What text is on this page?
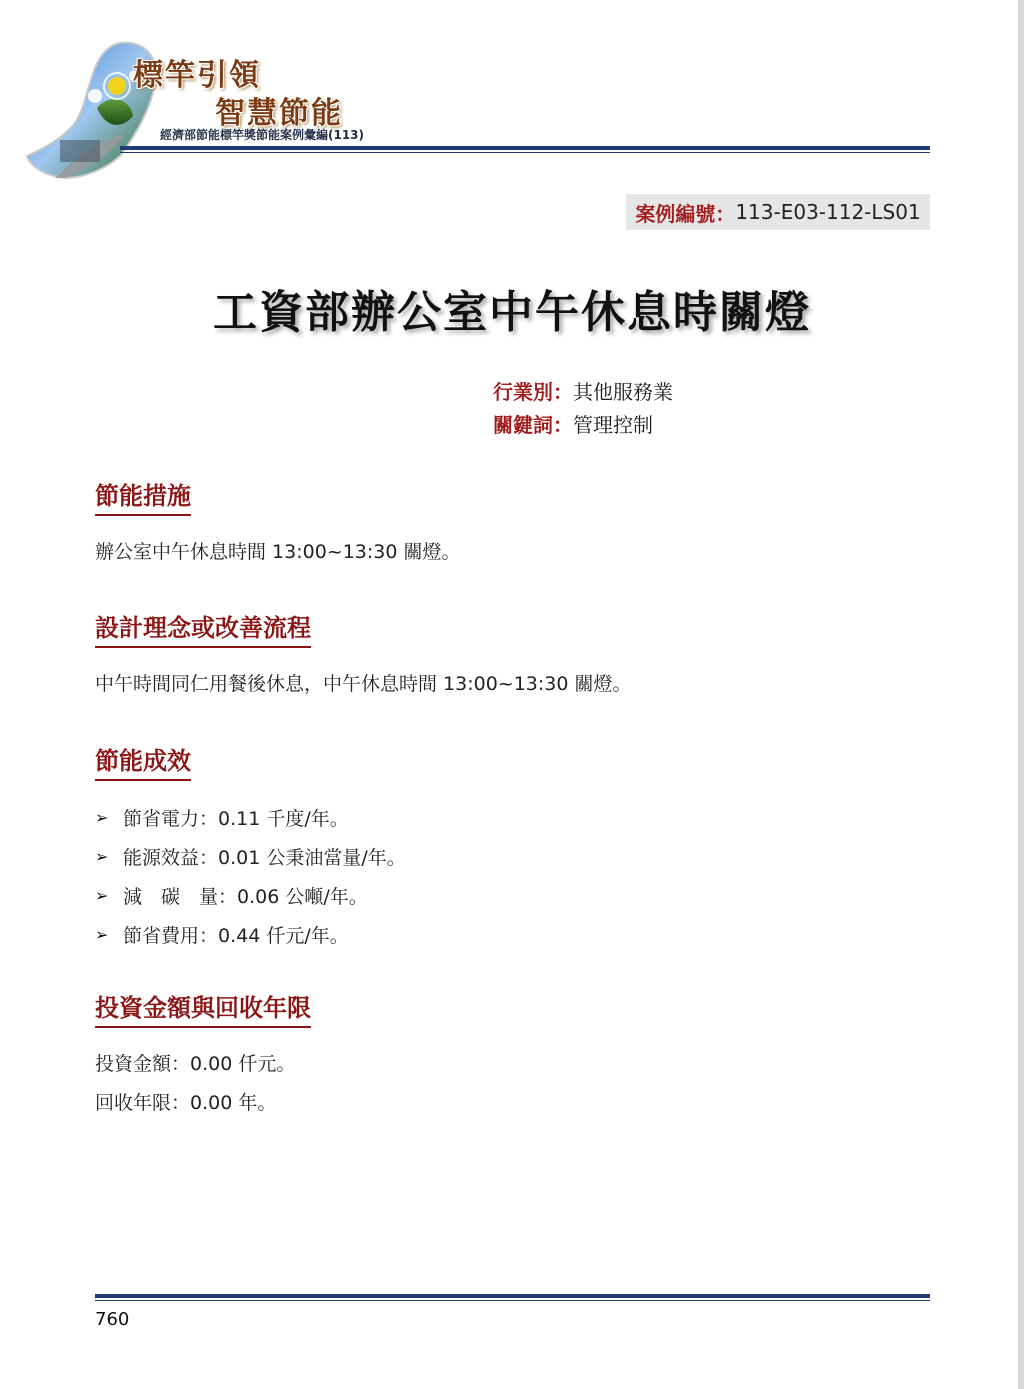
標竿引領
智慧節能
經濟部節能標竿獎節能案例彙編(113)
案例編號： 113-E03-112-LS01
工資部辦公室中午休息時關燈
行業別：其他服務業
關鍵詞：管理控制
節能措施
辦公室中午休息時間 13:00~13:30 關燈。
設計理念或改善流程
中午時間同仁用餐後休息，中午休息時間 13:00~13:30 關燈。
節能成效
➢ 節省電力：0.11 千度/年。
➢ 能源效益：0.01 公秉油當量/年。
➢ 減　碳　量：0.06 公噸/年。
➢ 節省費用：0.44 仟元/年。
投資金額與回收年限
投資金額：0.00 仟元。
回收年限：0.00 年。
760
